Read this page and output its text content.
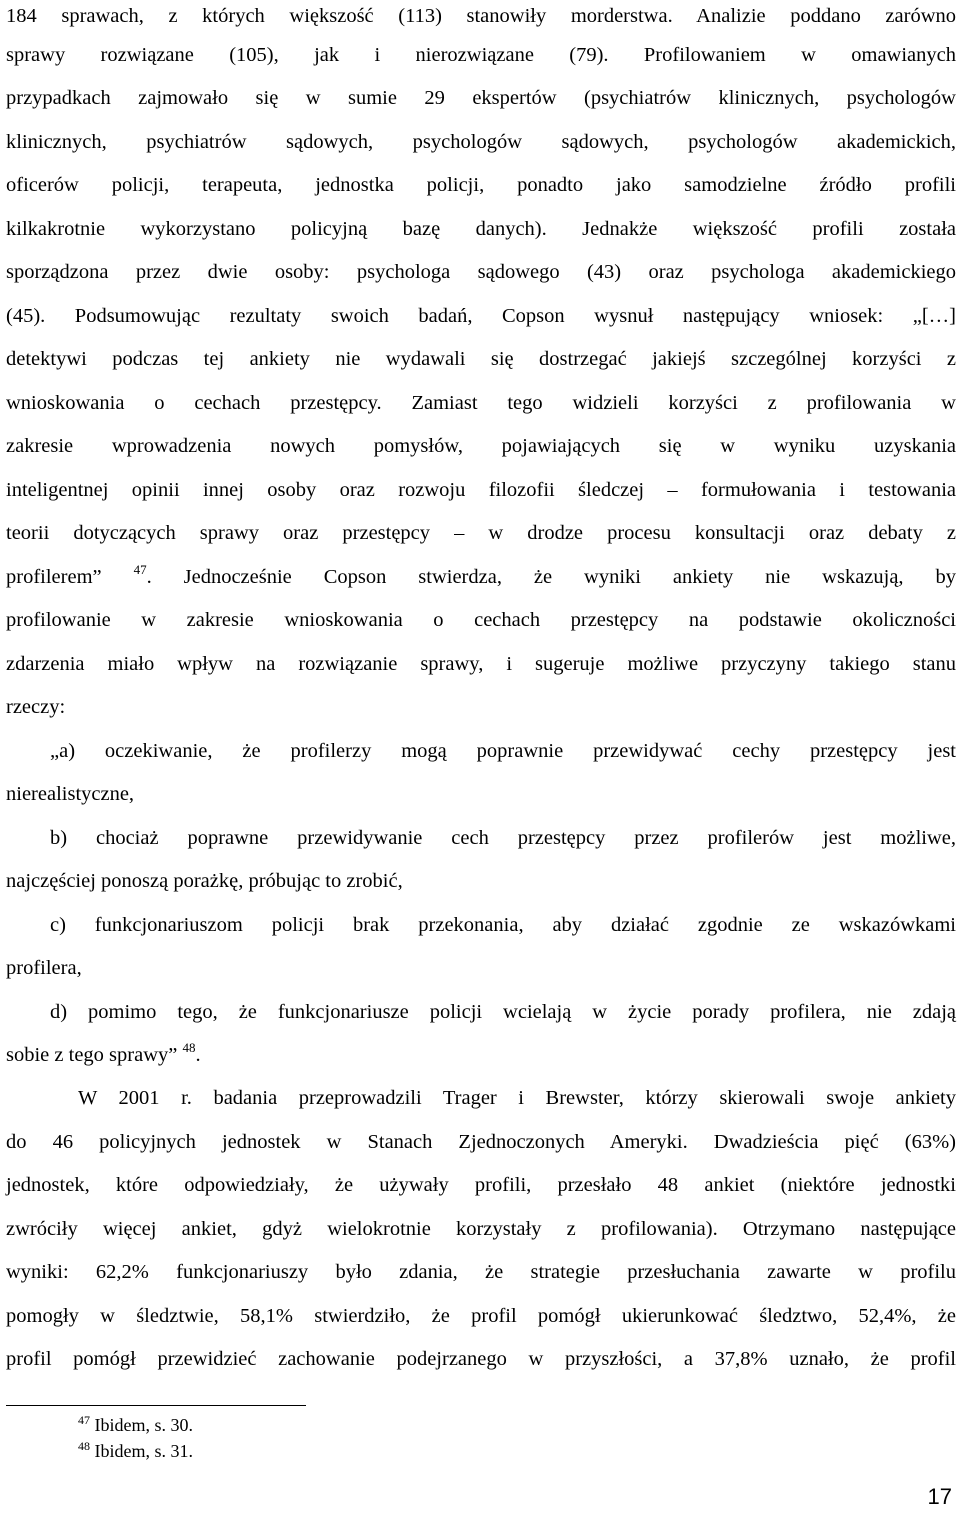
184 sprawach, z których większość (113) stanowiły morderstwa. Analizie poddano zarówno
sprawy rozwiązane (105), jak i nierozwiązane (79). Profilowaniem w omawianych
przypadkach zajmowało się w sumie 29 ekspertów (psychiatrów klinicznych, psychologów
klinicznych, psychiatrów sądowych, psychologów sądowych, psychologów akademickich,
oficerów policji, terapeuta, jednostka policji, ponadto jako samodzielne źródło profili
kilkakrotnie wykorzystano policyjną bazę danych). Jednakże większość profili została
sporządzona przez dwie osoby: psychologa sądowego (43) oraz psychologa akademickiego
(45). Podsumowując rezultaty swoich badań, Copson wysnuł następujący wniosek: „[…]
detektywi podczas tej ankiety nie wydawali się dostrzegać jakiejś szczególnej korzyści z
wnioskowania o cechach przestępcy. Zamiast tego widzieli korzyści z profilowania w
zakresie wprowadzenia nowych pomysłów, pojawiających się w wyniku uzyskania
inteligentnej opinii innej osoby oraz rozwoju filozofii śledczej – formułowania i testowania
teorii dotyczących sprawy oraz przestępcy – w drodze procesu konsultacji oraz debaty z
profilerem” $^{47}$. Jednocześnie Copson stwierdza, że wyniki ankiety nie wskazują, by
profilowanie w zakresie wnioskowania o cechach przestępcy na podstawie okoliczności
zdarzenia miało wpływ na rozwiązanie sprawy, i sugeruje możliwe przyczyny takiego stanu
rzeczy:
„a) oczekiwanie, że profilerzy mogą poprawnie przewidywać cechy przestępcy jest
nierealistyczne,
b) chociaż poprawne przewidywanie cech przestępcy przez profilerów jest możliwe,
najczęściej ponoszą porażkę, próbując to zrobić,
c) funkcjonariuszom policji brak przekonania, aby działać zgodnie ze wskazówkami
profilera,
d) pomimo tego, że funkcjonariusze policji wcielają w życie porady profilera, nie zdają
sobie z tego sprawy” $^{48}$.
W 2001 r. badania przeprowadzili Trager i Brewster, którzy skierowali swoje ankiety
do 46 policyjnych jednostek w Stanach Zjednoczonych Ameryki. Dwadzieścia pięć (63%)
jednostek, które odpowiedziały, że używały profili, przesłało 48 ankiet (niektóre jednostki
zwróciły więcej ankiet, gdyż wielokrotnie korzystały z profilowania). Otrzymano następujące
wyniki: 62,2% funkcjonariuszy było zdania, że strategie przesłuchania zawarte w profilu
pomogły w śledztwie, 58,1% stwierdziło, że profil pomógł ukierunkować śledztwo, 52,4%, że
profil pomógł przewidzieć zachowanie podejrzanego w przyszłości, a 37,8% uznało, że profil
$^{47}$ Ibidem, s. 30.
$^{48}$ Ibidem, s. 31.
17
